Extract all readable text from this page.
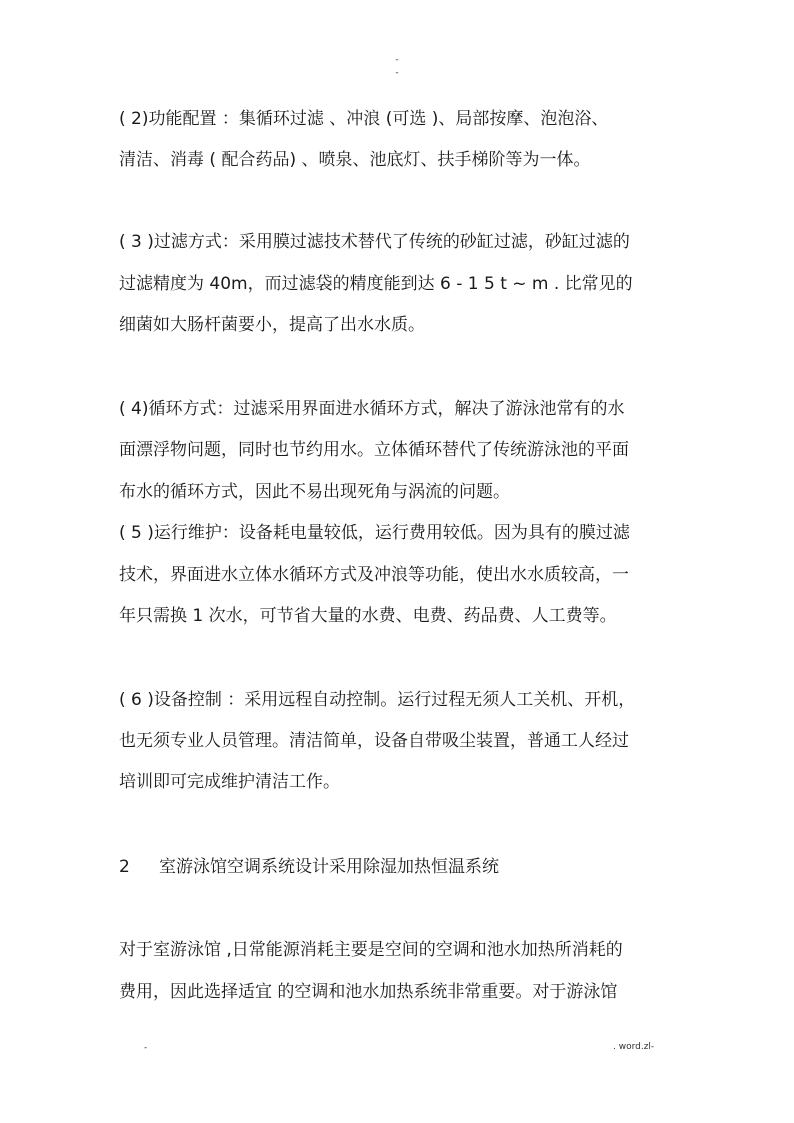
-
-
( 2)功能配置 ：集循环过滤 、冲浪 (可选 )、局部按摩、泡泡浴、
清洁、消毒 ( 配合药品) 、喷泉、池底灯、扶手梯阶等为一体。
( 3 )过滤方式：采用膜过滤技术替代了传统的砂缸过滤，砂缸过滤的
过滤精度为 40m，而过滤袋的精度能到达 6 - 1 5 t ~ m . 比常见的
细菌如大肠杆菌要小，提高了出水水质。
( 4)循环方式：过滤采用界面进水循环方式，解决了游泳池常有的水
面漂浮物问题，同时也节约用水。立体循环替代了传统游泳池的平面
布水的循环方式，因此不易出现死角与涡流的问题。
( 5 )运行维护：设备耗电量较低，运行费用较低。因为具有的膜过滤
技术，界面进水立体水循环方式及冲浪等功能，使出水水质较高，一
年只需换 1 次水，可节省大量的水费、电费、药品费、人工费等。
( 6 )设备控制 ：采用远程自动控制。运行过程无须人工关机、开机，
也无须专业人员管理。清洁简单，设备自带吸尘装置，普通工人经过
培训即可完成维护清洁工作。
2 室游泳馆空调系统设计采用除湿加热恒温系统
对于室游泳馆 ,日常能源消耗主要是空间的空调和池水加热所消耗的
费用，因此选择适宜 的空调和池水加热系统非常重要。对于游泳馆
-	. word.zl-
